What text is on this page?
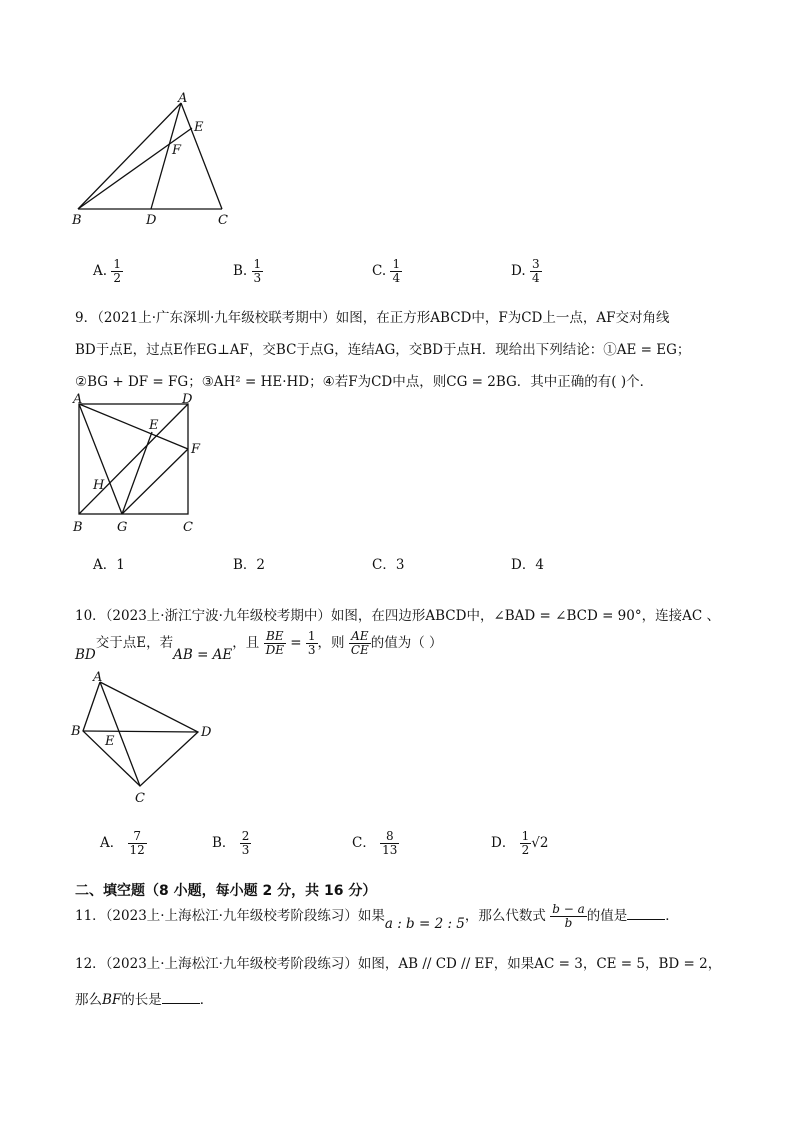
A
E
F
B	D	C
A. $\frac{1}{2}$	B. $\frac{1}{3}$	C. $\frac{1}{4}$	D. $\frac{3}{4}$
9．（2021上·广东深圳·九年级校联考期中）如图，在正方形ABCD中，F为CD上一点，AF交对角线
BD于点E，过点E作EG⊥AF，交BC于点G，连结AG，交BD于点H．现给出下列结论：①AE = EG；
②BG + DF = FG；③AH² = HE·HD；④若F为CD中点，则CG = 2BG．其中正确的有( )个．
A	D
E
F
H
B	G	C
A．1	B．2	C．3	D．4
10．（2023上·浙江宁波·九年级校考期中）如图，在四边形ABCD中，∠BAD = ∠BCD = 90°，连接AC 、
BD交于点E，若AB = AE，且 $\frac{BE}{DE} = \frac{1}{3}$ ，则 $\frac{AE}{CE}$ 的值为（ ）
A
B
E
D
C
A． $\frac{7}{12}$	B． $\frac{2}{3}$	C． $\frac{8}{13}$	D． $\frac{1}{2} √2$
二、填空题（8 小题，每小题 2 分，共 16 分）
11．（2023上·上海松江·九年级校考阶段练习）如果a : b = 2 : 5，那么代数式 $\frac{b - a}{b}$ 的值是	．
12．（2023上·上海松江·九年级校考阶段练习）如图，AB // CD // EF，如果AC = 3，CE = 5，BD = 2，
那么BF的长是	．
